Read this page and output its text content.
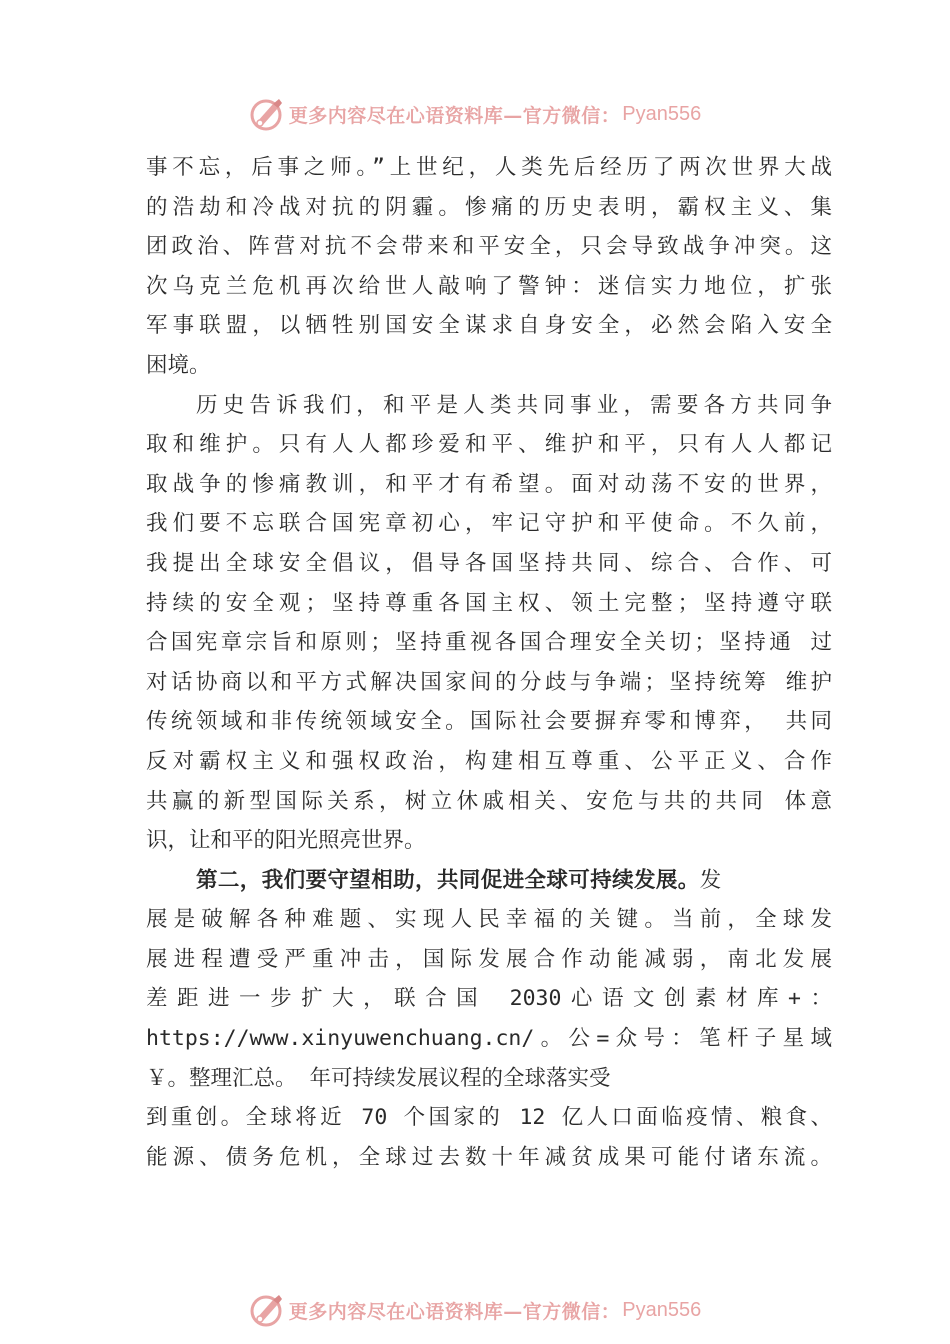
更多内容尽在心语资料库—官方微信： Pyan556
事不忘，后事之师。”上世纪，人类先后经历了两次世界大战
的浩劫和冷战对抗的阴霾。惨痛的历史表明，霸权主义、集
团政治、阵营对抗不会带来和平安全，只会导致战争冲突。这
次乌克兰危机再次给世人敲响了警钟：迷信实力地位，扩张
军事联盟，以牺牲别国安全谋求自身安全，必然会陷入安全
困境。
历史告诉我们，和平是人类共同事业，需要各方共同争
取和维护。只有人人都珍爱和平、维护和平，只有人人都记
取战争的惨痛教训，和平才有希望。面对动荡不安的世界，
我们要不忘联合国宪章初心，牢记守护和平使命。不久前，
我提出全球安全倡议，倡导各国坚持共同、综合、合作、可
持续的安全观；坚持尊重各国主权、领土完整；坚持遵守联
合国宪章宗旨和原则；坚持重视各国合理安全关切；坚持通 过
对话协商以和平方式解决国家间的分歧与争端；坚持统筹 维护
传统领域和非传统领域安全。国际社会要摒弃零和博弈， 共同
反对霸权主义和强权政治，构建相互尊重、公平正义、合作
共赢的新型国际关系，树立休戚相关、安危与共的共同 体意
识，让和平的阳光照亮世界。
第二，我们要守望相助，共同促进全球可持续发展。发
展是破解各种难题、实现人民幸福的关键。当前，全球发
展进程遭受严重冲击，国际发展合作动能减弱，南北发展
差距进一步扩大，联合国 2030心语文创素材库+：
https://www.xinyuwenchuang.cn/。公=众号：笔杆子星域
￥。整理汇总。 年可持续发展议程的全球落实受
到重创。全球将近 70 个国家的 12 亿人口面临疫情、粮食、
能源、债务危机，全球过去数十年减贫成果可能付诸东流。
更多内容尽在心语资料库—官方微信： Pyan556
